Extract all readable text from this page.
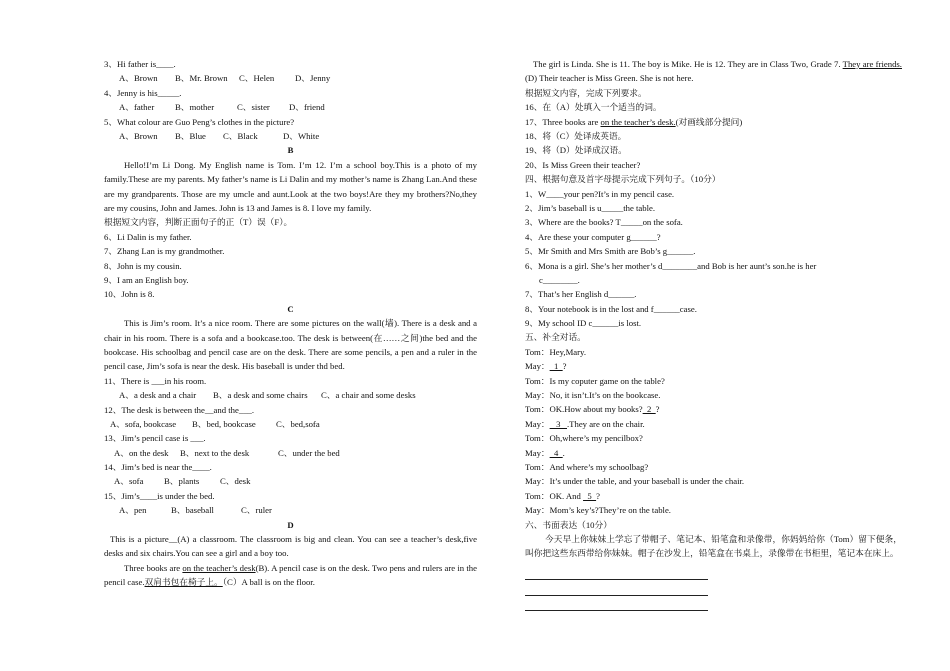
3、Hi father is____.
A、Brown B、Mr. Brown C、Helen D、Jenny
4、Jenny is his_____.
A、father B、mother	C、sister D、friend
5、What colour are Guo Peng’s clothes in the picture?
A、Brown B、Blue C、Black	D、White
B
Hello!I’m Li Dong. My English name is Tom. I’m 12. I’m a school boy.This is a photo of my family.These are my parents. My father’s name is Li Dalin and my mother’s name is Zhang Lan.And these are my grandparents. Those are my umcle and aunt.Look at the two boys!Are they my brothers?No,they are my cousins, John and James. John is 13 and James is 8. I love my family.
根据短文内容，判断正面句子的正（T）误（F）。
6、Li Dalin is my father.
7、Zhang Lan is my grandmother.
8、John is my cousin.
9、I am an English boy.
10、John is 8.
C
This is Jim’s room. It’s a nice room. There are some pictures on the wall(墙). There is a desk and a chair in his room. There is a sofa and a bookcase.too. The desk is between(在……之间)the bed and the bookcase. His schoolbag and pencil case are on the desk. There are some pencils, a pen and a ruler in the pencil case, Jim’s sofa is near the desk. His baseball is under thd bed.
11、There is ___in his room.
A、a desk and a chair B、a desk and some chairs C、a chair and some desks
12、The desk is between the__and the___.
A、sofa, bookcase B、bed, bookcase C、bed,sofa
13、Jim’s pencil case is ___.
A、on the desk B、next to the desk	C、under the bed
14、Jim’s bed is near the____.
A、sofa B、plants C、desk
15、Jim’s____is under the bed.
A、pen	B、baseball	C、ruler
D
This is a picture__(A) a classroom. The classroom is big and clean. You can see a teacher’s desk,five desks and six chairs.You can see a girl and a boy too.
Three books are on the teacher’s desk(B). A pencil case is on the desk. Two pens and rulers are in the pencil case.双肩书包在椅子上。（C）A ball is on the floor.
The girl is Linda. She is 11. The boy is Mike. He is 12. They are in Class Two, Grade 7. They are friends. (D) Their teacher is Miss Green. She is not here.
根据短文内容，完成下列要求。
16、在（A）处填入一个适当的词。
17、Three books are on the teacher’s desk.(对画线部分提问)
18、将（C）处译成英语。
19、将（D）处译成汉语。
20、Is Miss Green their teacher?
四、根据句意及首字母提示完成下列句子。（10分）
1、W____your pen?It’s in my pencil case.
2、Jim’s baseball is u_____the table.
3、Where are the books? T_____on the sofa.
4、Are these your computer g______?
5、Mr Smith and Mrs Smith are Bob’s g______.
6、Mona is a girl. She’s her mother’s d________and Bob is her aunt’s son.he is her
c________.
7、That’s her English d______.
8、Your notebook is in the lost and f______case.
9、My school ID c______is lost.
五、补全对话。
Tom：Hey,Mary.
May：  1  ?
Tom：Is my coputer game on the table?
May：No, it isn’t.It’s on the bookcase.
Tom：OK.How about my books?  2  ?
May：   3   .They are on the chair.
Tom：Oh,where’s my pencilbox?
May：  4  .
Tom：And where’s my schoolbag?
May：It’s under the table, and your baseball is under the chair.
Tom：OK. And   5  ?
May：Mom’s key’s?They’re on the table.
六、书面表达（10分）
今天早上你妹妹上学忘了带帽子、笔记本、铅笔盒和录像带，你妈妈给你（Tom）留下便条，叫你把这些东西带给你妹妹。帽子在沙发上，铅笔盒在书桌上，录像带在书柜里，笔记本在床上。
